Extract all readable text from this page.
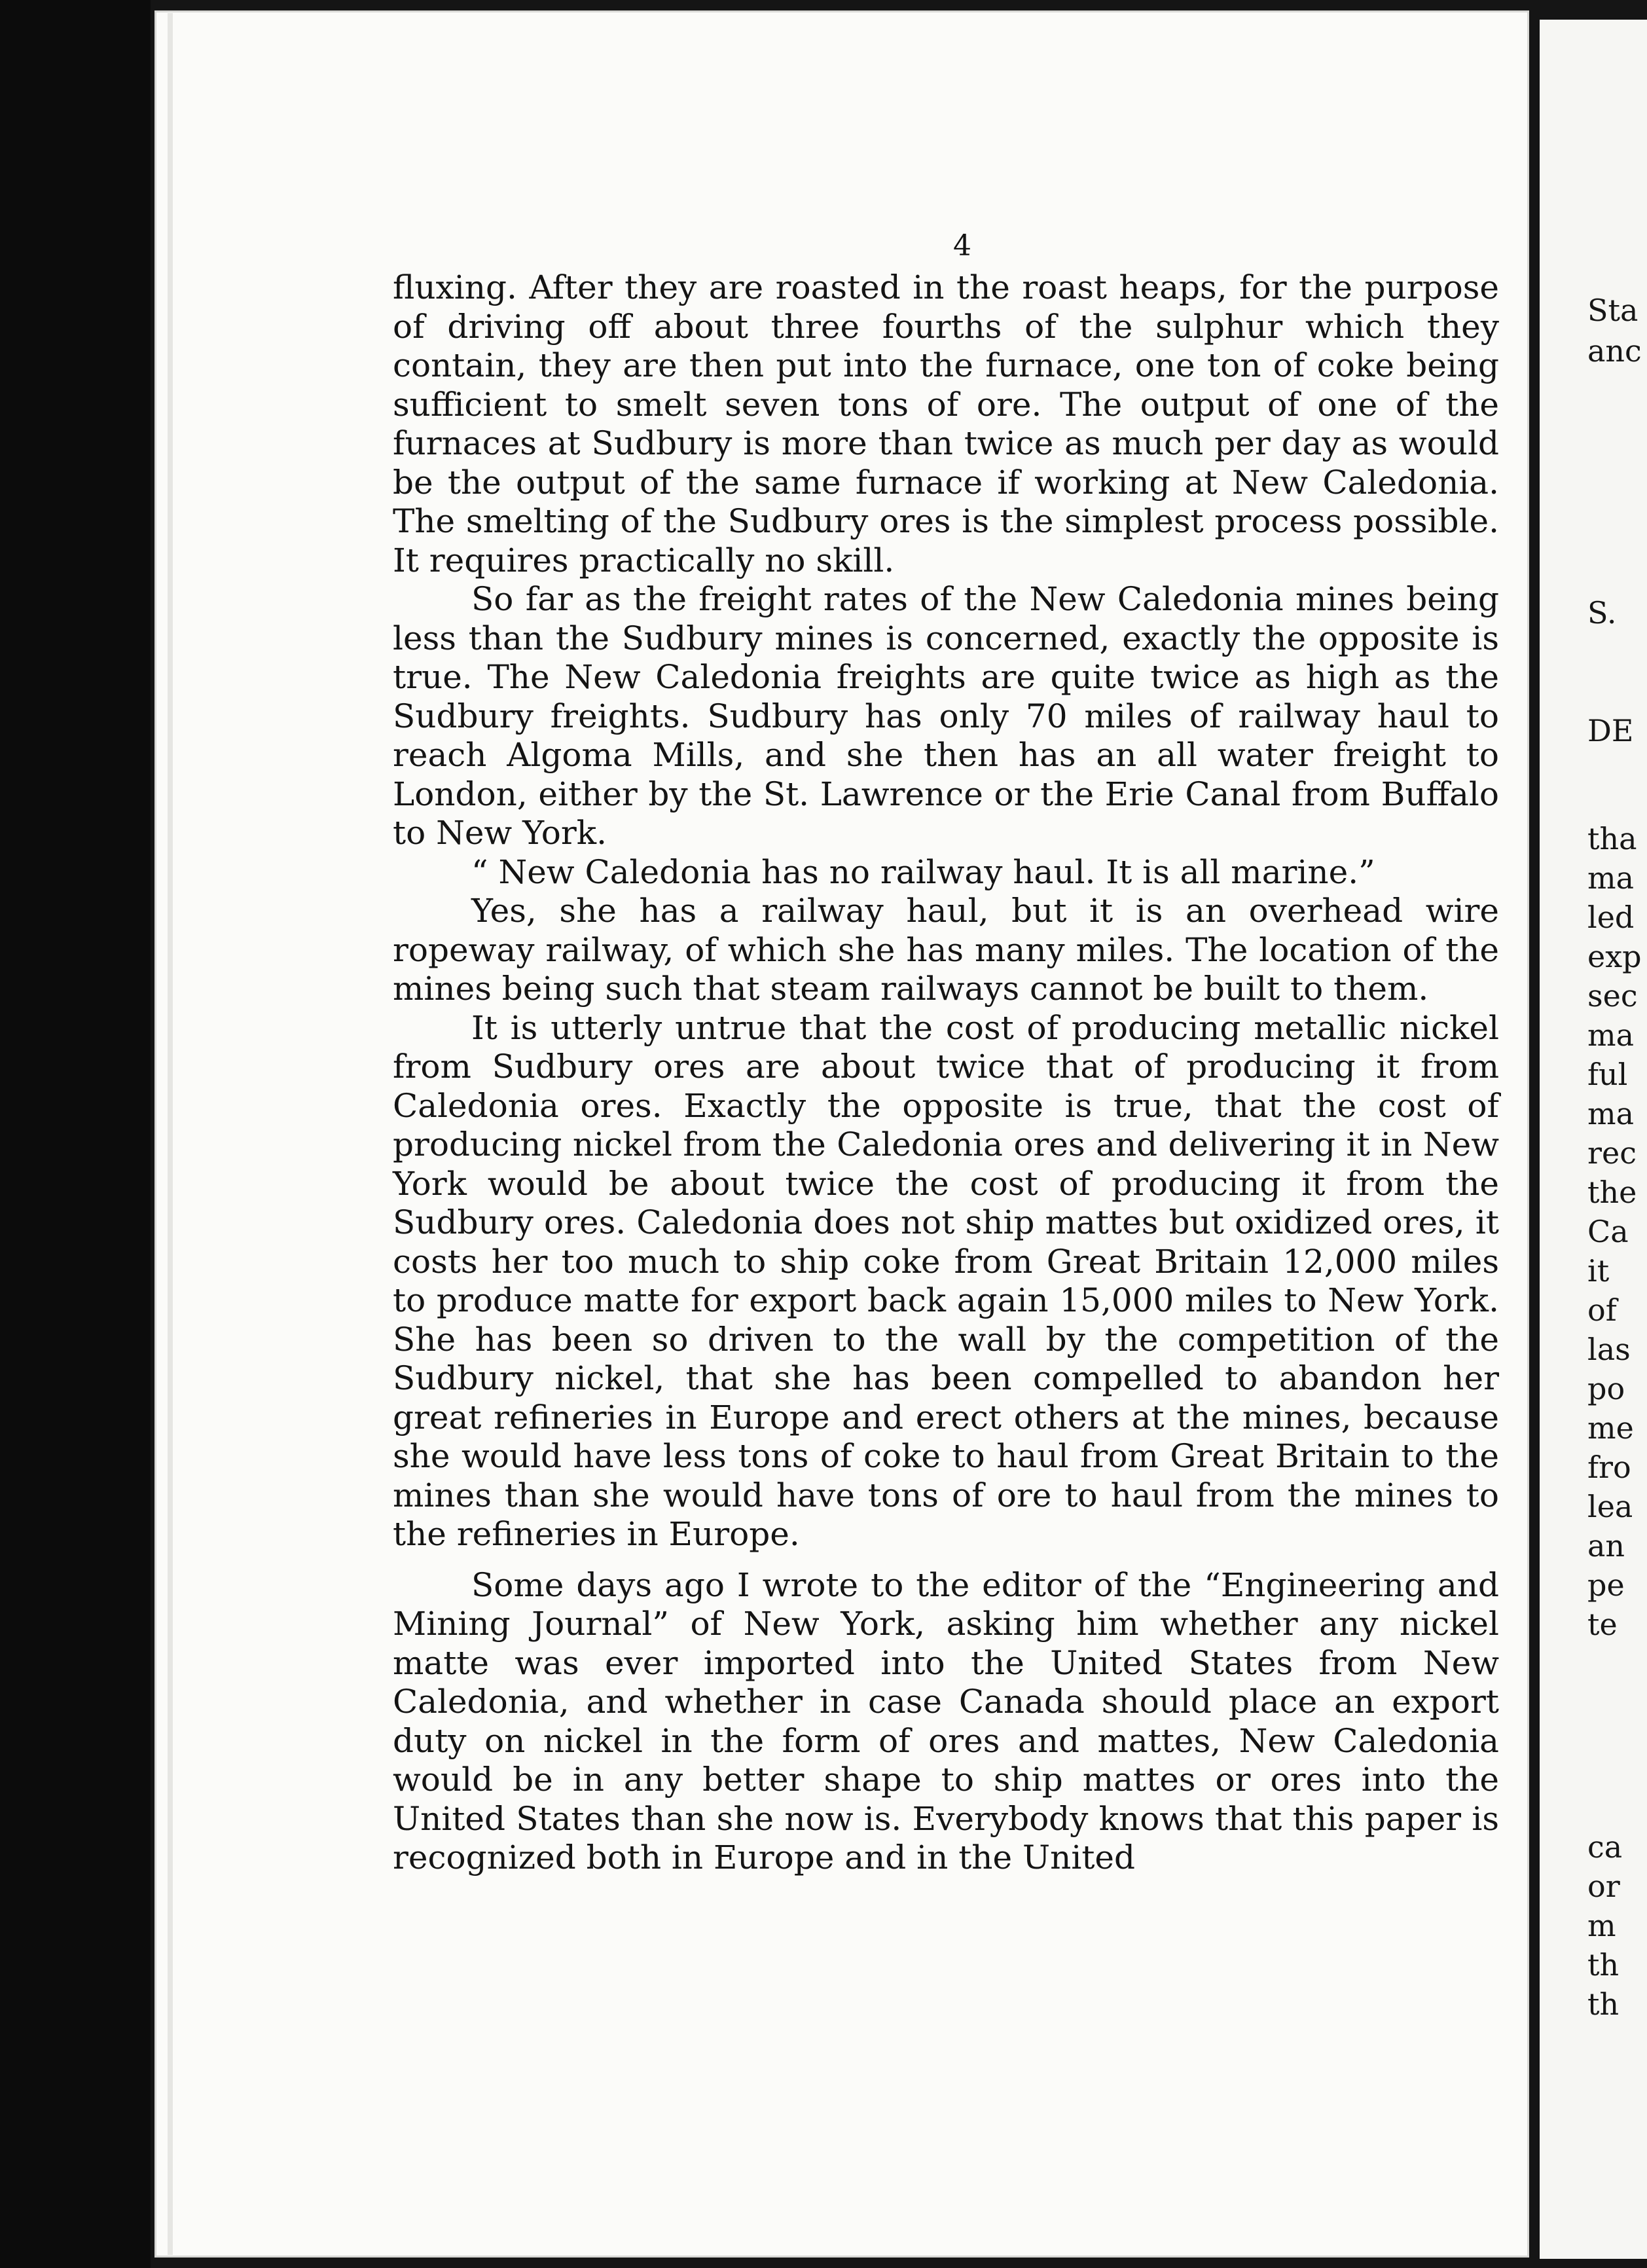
4

fluxing. After they are roasted in the roast heaps, for the purpose of driving off about three fourths of the sulphur which they contain, they are then put into the furnace, one ton of coke being sufficient to smelt seven tons of ore. The output of one of the furnaces at Sudbury is more than twice as much per day as would be the output of the same furnace if working at New Caledonia. The smelting of the Sudbury ores is the simplest process possible. It requires practically no skill.

So far as the freight rates of the New Caledonia mines being less than the Sudbury mines is concerned, exactly the opposite is true. The New Caledonia freights are quite twice as high as the Sudbury freights. Sudbury has only 70 miles of railway haul to reach Algoma Mills, and she then has an all water freight to London, either by the St. Lawrence or the Erie Canal from Buffalo to New York.

“ New Caledonia has no railway haul. It is all marine.”

Yes, she has a railway haul, but it is an overhead wire ropeway railway, of which she has many miles. The location of the mines being such that steam railways cannot be built to them.

It is utterly untrue that the cost of producing metallic nickel from Sudbury ores are about twice that of producing it from Caledonia ores. Exactly the opposite is true, that the cost of producing nickel from the Caledonia ores and delivering it in New York would be about twice the cost of producing it from the Sudbury ores. Caledonia does not ship mattes but oxidized ores, it costs her too much to ship coke from Great Britain 12,000 miles to produce matte for export back again 15,000 miles to New York. She has been so driven to the wall by the competition of the Sudbury nickel, that she has been compelled to abandon her great refineries in Europe and erect others at the mines, because she would have less tons of coke to haul from Great Britain to the mines than she would have tons of ore to haul from the mines to the refineries in Europe.

Some days ago I wrote to the editor of the “Engineering and Mining Journal” of New York, asking him whether any nickel matte was ever imported into the United States from New Caledonia, and whether in case Canada should place an export duty on nickel in the form of ores and mattes, New Caledonia would be in any better shape to ship mattes or ores into the United States than she now is. Everybody knows that this paper is recognized both in Europe and in the United

Sta
anc
S.
DE
tha
ma
led
exp
sec
ma
ful
ma
rec
the
Ca
it
of
las
po
me
fro
lea
an
pe
te
ca
or
m
th
th
